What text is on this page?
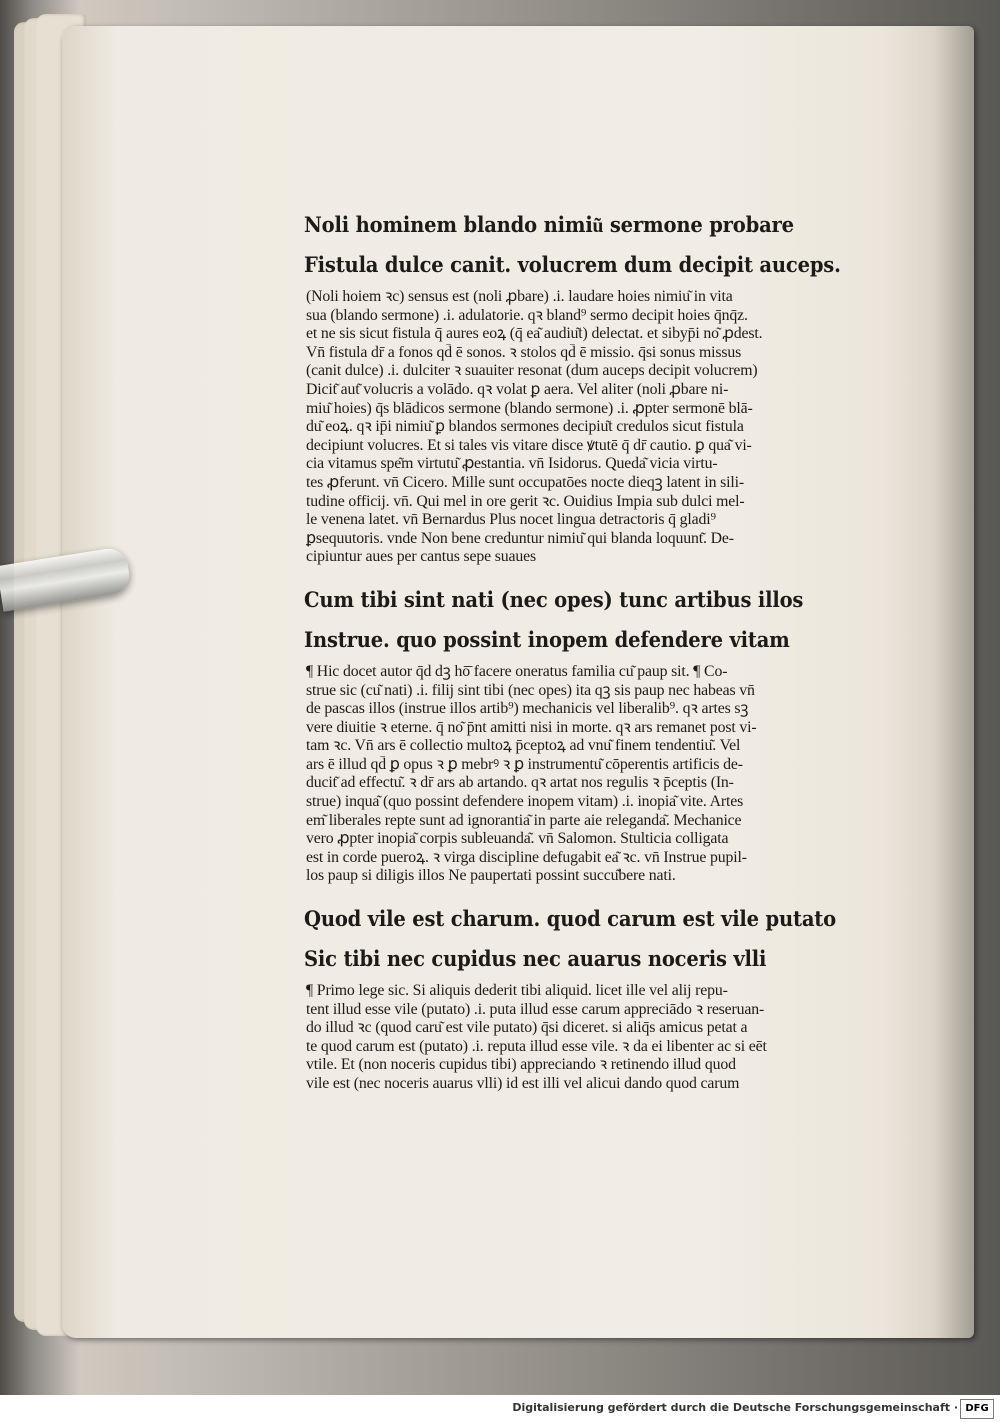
Noli hominem blando nimiu͂ sermone probare
Fistula dulce canit. volucrem dum decipit auceps.
(Noli hoiem ꝛc) sensus est (noli ꝓbare) .i. laudare hoies nimiu͂ in vita
sua (blando sermone) .i. adulatorie. qꝛ bland⁹ sermo decipit hoies q̄nq̄z.
et ne sis sicut fistula q̄ aures eoꝝ (q̄ ea͂ audiu͂t) delectat. et sibyp̄i no͂ ꝓdest.
Vn̄ fistula dr̄ a fonos qd̄ ē sonos. ꝛ stolos qd̄ ē missio. q̄si sonus missus
(canit dulce) .i. dulciter ꝛ suauiter resonat (dum auceps decipit volucrem)
Dicit͂ aut͂ volucris a volādo. qꝛ volat ꝑ aera. Vel aliter (noli ꝓbare ni-
miu͂ hoies) q̄s blādicos sermone (blando sermone) .i. ꝓpter sermonē blā-
du͂ eoꝝ. qꝛ ip̄i nimiu͂ ꝑ blandos sermones decipiu͂t credulos sicut fistula
decipiunt volucres. Et si tales vis vitare disce ꝟtutē q̄ dr̄ cautio. ꝑ qua͂ vi-
cia vitamus spe͂m virtutu͂ ꝓestantia. vn̄ Isidorus. Queda͂ vicia virtu-
tes ꝓferunt. vn̄ Cicero. Mille sunt occupatōes nocte dieqꝫ latent in sili-
tudine officij. vn̄. Qui mel in ore gerit ꝛc. Ouidius Impia sub dulci mel-
le venena latet. vn̄ Bernardus Plus nocet lingua detractoris q̄ gladi⁹
ꝑsequutoris. vnde Non bene creduntur nimiu͂ qui blanda loquunt͂. De-
cipiuntur aues per cantus sepe suaues
Cum tibi sint nati (nec opes) tunc artibus illos
Instrue. quo possint inopem defendere vitam
¶ Hic docet autor q̄d dꝫ hō̄ facere oneratus familia cu͂ paup sit. ¶ Co-
strue sic (cu͂ nati) .i. filij sint tibi (nec opes) ita qꝫ sis paup nec habeas vn̄
de pascas illos (instrue illos artib⁹) mechanicis vel liberalib⁹. qꝛ artes sꝫ
vere diuitie ꝛ eterne. q̄ no͂ p̄nt amitti nisi in morte. qꝛ ars remanet post vi-
tam ꝛc. Vn̄ ars ē collectio multoꝝ p̄ceptoꝝ ad vnu͂ finem tendentiu͂. Vel
ars ē illud qd̄ ꝑ opus ꝛ ꝑ mebrꝰ ꝛ ꝑ instrumentu͂ cōperentis artificis de-
ducit͂ ad effectu͂. ꝛ dr̄ ars ab artando. qꝛ artat nos regulis ꝛ p̄ceptis (In-
strue) inqua͂ (quo possint defendere inopem vitam) .i. inopia͂ vite. Artes
em͂ liberales repte sunt ad ignorantia͂ in parte aie releganda͂. Mechanice
vero ꝓpter inopia͂ corpis subleuanda͂. vn̄ Salomon. Stulticia colligata
est in corde pueroꝝ. ꝛ virga discipline defugabit ea͂ ꝛc. vn̄ Instrue pupil-
los paup si diligis illos Ne paupertati possint succu͂bere nati.
Quod vile est charum. quod carum est vile putato
Sic tibi nec cupidus nec auarus noceris vlli
¶ Primo lege sic. Si aliquis dederit tibi aliquid. licet ille vel alij repu-
tent illud esse vile (putato) .i. puta illud esse carum appreciādo ꝛ reseruan-
do illud ꝛc (quod caru͂ est vile putato) q̄si diceret. si aliq̄s amicus petat a
te quod carum est (putato) .i. reputa illud esse vile. ꝛ da ei libenter ac si eēt
vtile. Et (non noceris cupidus tibi) appreciando ꝛ retinendo illud quod
vile est (nec noceris auarus vlli) id est illi vel alicui dando quod carum
Digitalisierung gefördert durch die Deutsche Forschungsgemeinschaft · DFG
